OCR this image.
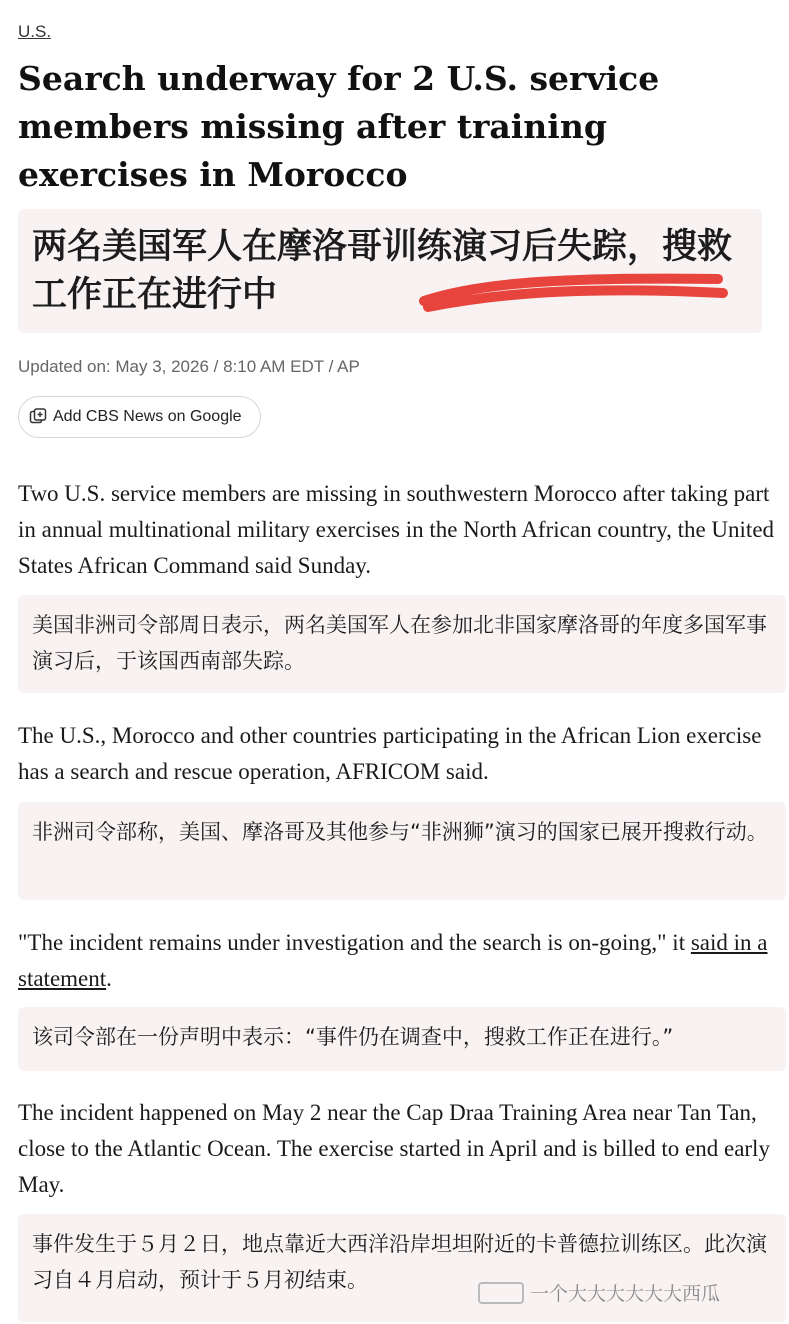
U.S.
Search underway for 2 U.S. service members missing after training exercises in Morocco
两名美国军人在摩洛哥训练演习后失踪，搜救工作正在进行中
Updated on: May 3, 2026 / 8:10 AM EDT / AP
Add CBS News on Google

Two U.S. service members are missing in southwestern Morocco after taking part in annual multinational military exercises in the North African country, the United States African Command said Sunday.

美国非洲司令部周日表示，两名美国军人在参加北非国家摩洛哥的年度多国军事演习后，于该国西南部失踪。

The U.S., Morocco and other countries participating in the African Lion exercise has a search and rescue operation, AFRICOM said.

非洲司令部称，美国、摩洛哥及其他参与“非洲狮”演习的国家已展开搜救行动。

"The incident remains under investigation and the search is on-going," it said in a statement.

该司令部在一份声明中表示：“事件仍在调查中，搜救工作正在进行。”

The incident happened on May 2 near the Cap Draa Training Area near Tan Tan, close to the Atlantic Ocean. The exercise started in April and is billed to end early May.

事件发生于５月２日，地点靠近大西洋沿岸坦坦附近的卡普德拉训练区。此次演习自４月启动，预计于５月初结束。
一个大大大大大大西瓜
